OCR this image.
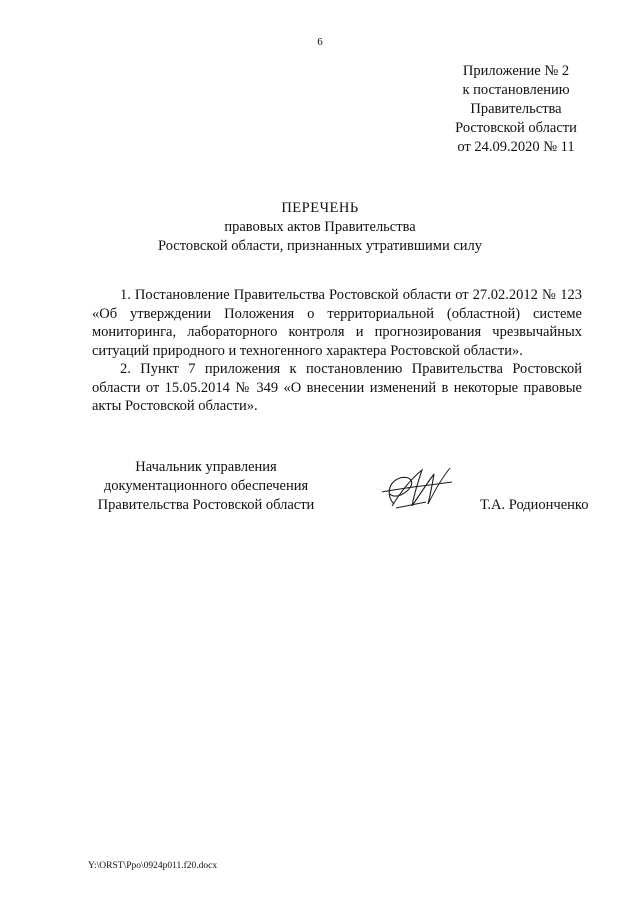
6
Приложение № 2
к постановлению
Правительства
Ростовской области
от 24.09.2020 № 11
ПЕРЕЧЕНЬ
правовых актов Правительства
Ростовской области, признанных утратившими силу

1. Постановление Правительства Ростовской области от 27.02.2012 № 123 «Об утверждении Положения о территориальной (областной) системе мониторинга, лабораторного контроля и прогнозирования чрезвычайных ситуаций природного и техногенного характера Ростовской области».

2. Пункт 7 приложения к постановлению Правительства Ростовской области от 15.05.2014 № 349 «О внесении изменений в некоторые правовые акты Ростовской области».

Начальник управления
документационного обеспечения
Правительства Ростовской области	Т.А. Родионченко
Y:\ORST\Ppo\0924p011.f20.docx
